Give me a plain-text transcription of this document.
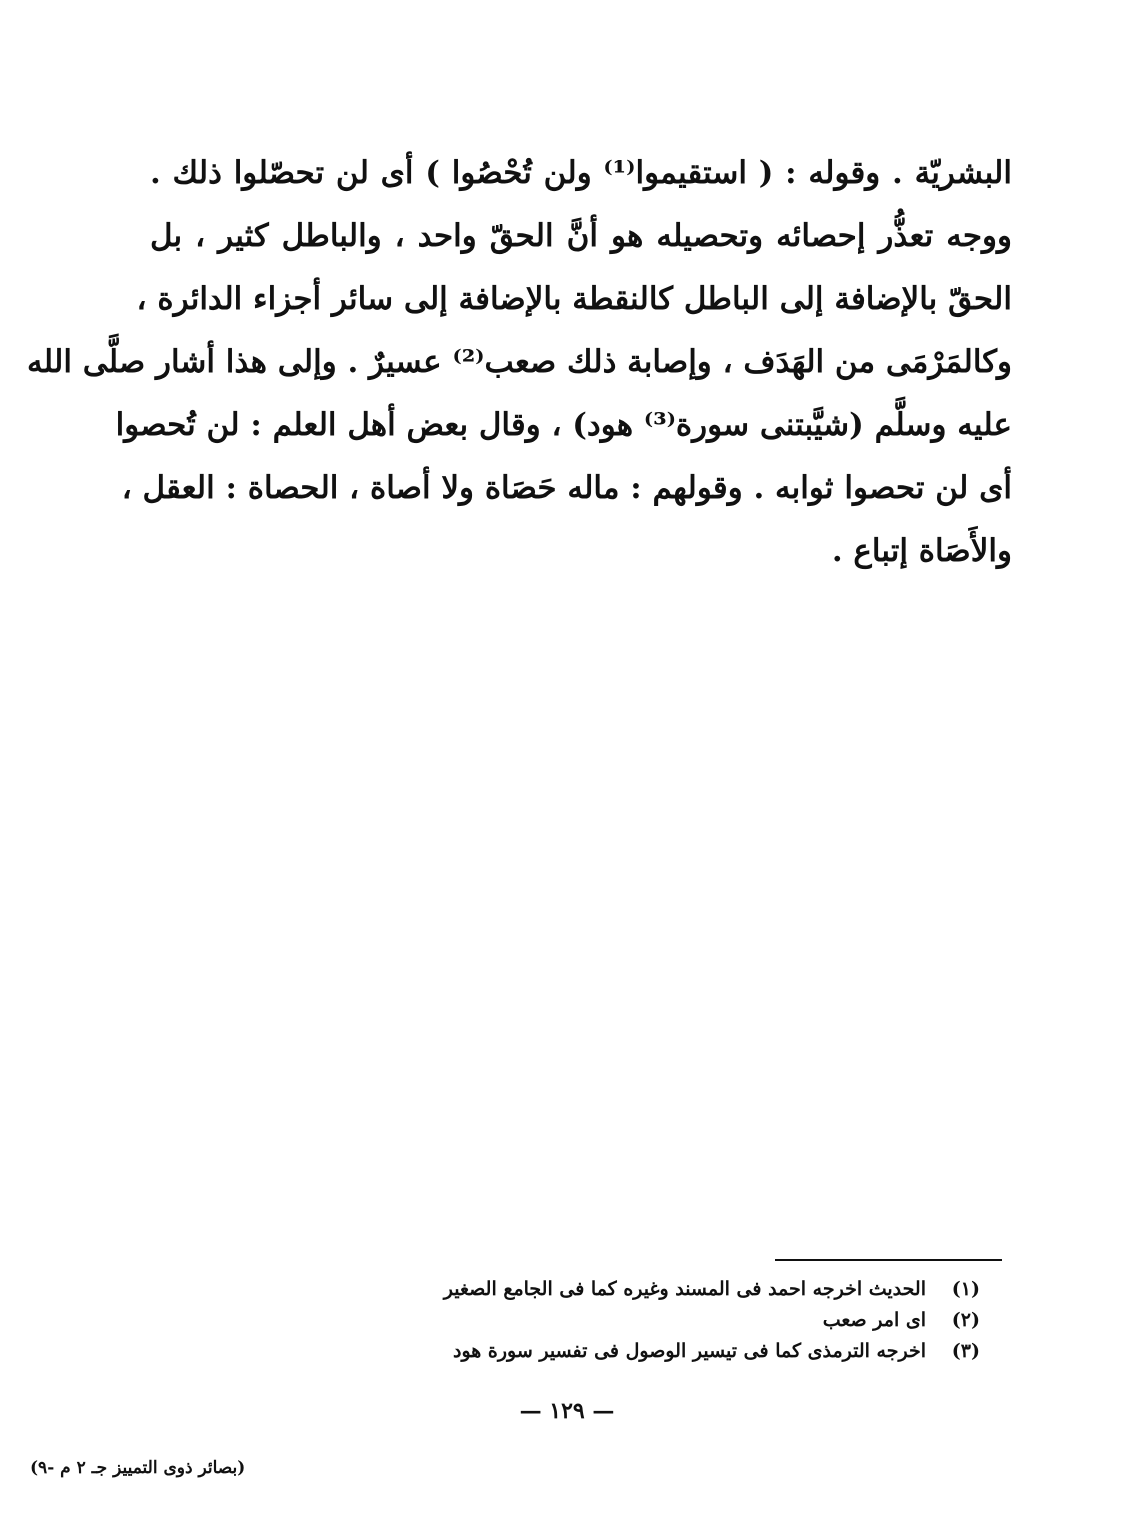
البشريّة . وقوله : ( استقيموا⁽¹⁾ ولن تُحْصُوا ) أى لن تحصّلوا ذلك .
ووجه تعذُّر إحصائه وتحصيله هو أنَّ الحقّ واحد ، والباطل كثير ، بل
الحقّ بالإضافة إلى الباطل كالنقطة بالإضافة إلى سائر أجزاء الدائرة ،
وكالمَرْمَى من الهَدَف ، وإصابة ذلك صعب⁽²⁾ عسيرٌ . وإلى هذا أشار صلَّى الله
عليه وسلَّم (شيَّبتنى سورة⁽³⁾ هود) ، وقال بعض أهل العلم : لن تُحصوا
أى لن تحصوا ثوابه . وقولهم : ماله حَصَاة ولا أصاة ، الحصاة : العقل ،
والأَصَاة إتباع .
(١)
الحديث اخرجه احمد فى المسند وغيره كما فى الجامع الصغير
(٢)
اى امر صعب
(٣)
اخرجه الترمذى كما فى تيسير الوصول فى تفسير سورة هود
— ١٢٩ —
(بصائر ذوى التمييز جـ ٢ م -٩)
